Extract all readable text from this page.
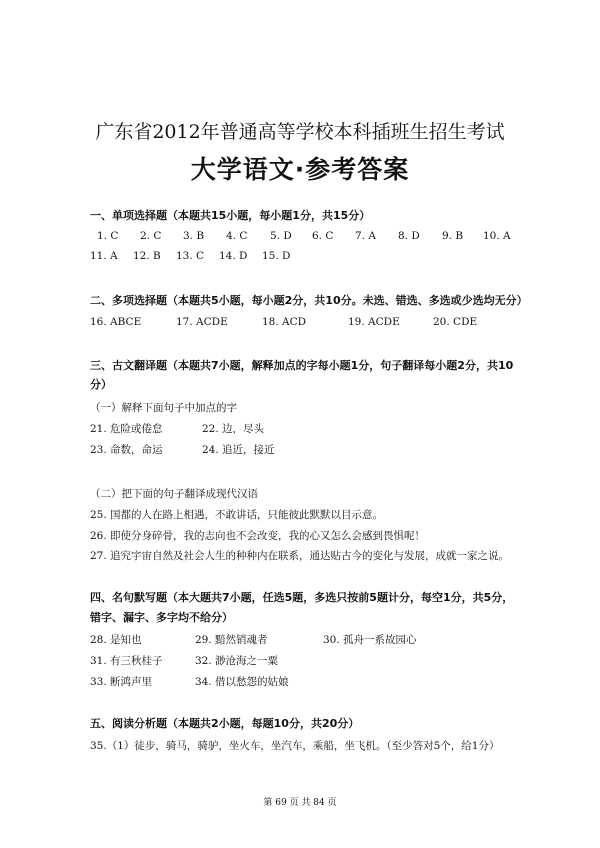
广东省2012年普通高等学校本科插班生招生考试
大学语文·参考答案
一、单项选择题（本题共15小题，每小题1分，共15分）
1. C 2. C 3. B 4. C 5. D 6. C 7. A 8. D 9. B 10. A
11. A 12. B 13. C 14. D 15. D
二、多项选择题（本题共5小题，每小题2分，共10分。未选、错选、多选或少选均无分）
16. ABCE	17. ACDE	18. ACD	19. ACDE	20. CDE
三、古文翻译题（本题共7小题，解释加点的字每小题1分，句子翻译每小题2分，共10
分）
（一）解释下面句子中加点的字
21. 危险或倦怠	22. 边，尽头
23. 命数，命运	24. 追近，接近
（二）把下面的句子翻译成现代汉语
25. 国都的人在路上相遇，不敢讲话，只能彼此默默以目示意。
26. 即使分身碎骨，我的志向也不会改变，我的心又怎么会感到畏惧呢！
27. 追究宇宙自然及社会人生的种种内在联系，通达贴古今的变化与发展，成就一家之说。
四、名句默写题（本大题共7小题，任选5题，多选只按前5题计分，每空1分，共5分，
错字、漏字、多字均不给分）
28. 是知也	29. 黯然销魂者	30. 孤舟一系故园心
31. 有三秋桂子	32. 渺沧海之一粟
33. 断鸿声里	34. 借以愁怨的姑娘
五、阅读分析题（本题共2小题，每题10分，共20分）
35.（1）徒步，骑马，骑驴，坐火车，坐汽车，乘船，坐飞机。（至少答对5个，给1分）
第 69 页 共 84 页
